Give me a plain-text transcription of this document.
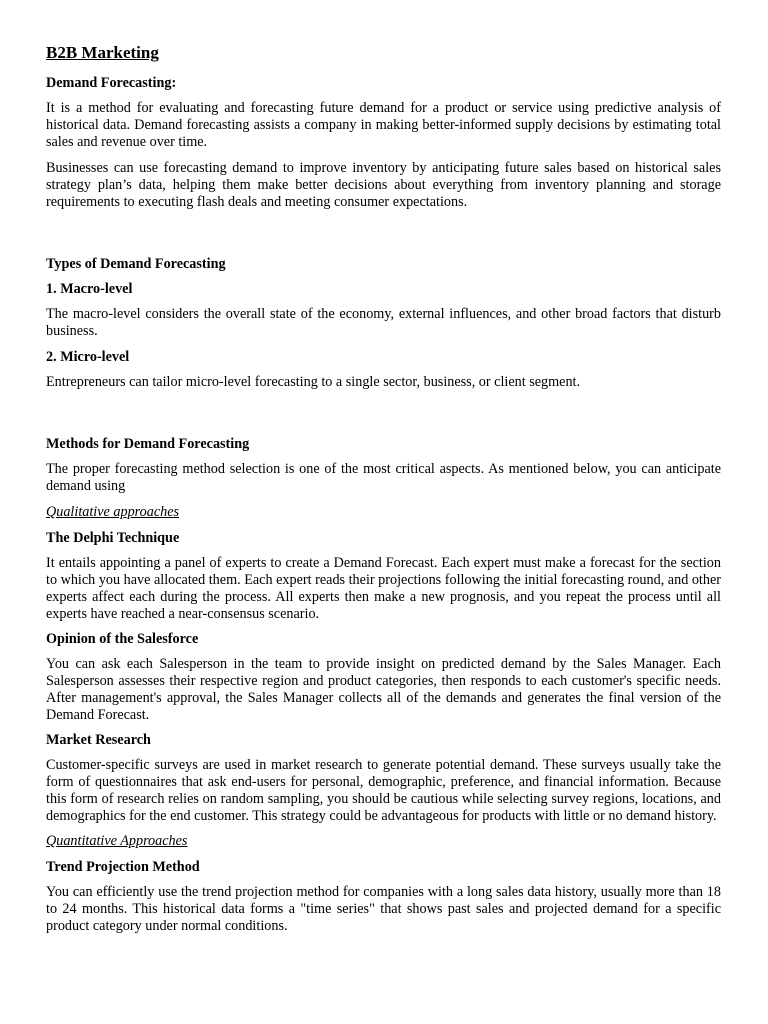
B2B Marketing
Demand Forecasting:
It is a method for evaluating and forecasting future demand for a product or service using predictive analysis of historical data. Demand forecasting assists a company in making better-informed supply decisions by estimating total sales and revenue over time.
Businesses can use forecasting demand to improve inventory by anticipating future sales based on historical sales strategy plan’s data, helping them make better decisions about everything from inventory planning and storage requirements to executing flash deals and meeting consumer expectations.
Types of Demand Forecasting
1. Macro-level
The macro-level considers the overall state of the economy, external influences, and other broad factors that disturb business.
2. Micro-level
Entrepreneurs can tailor micro-level forecasting to a single sector, business, or client segment.
Methods for Demand Forecasting
The proper forecasting method selection is one of the most critical aspects. As mentioned below, you can anticipate demand using
Qualitative approaches
The Delphi Technique
It entails appointing a panel of experts to create a Demand Forecast. Each expert must make a forecast for the section to which you have allocated them. Each expert reads their projections following the initial forecasting round, and other experts affect each during the process. All experts then make a new prognosis, and you repeat the process until all experts have reached a near-consensus scenario.
Opinion of the Salesforce
You can ask each Salesperson in the team to provide insight on predicted demand by the Sales Manager. Each Salesperson assesses their respective region and product categories, then responds to each customer's specific needs. After management's approval, the Sales Manager collects all of the demands and generates the final version of the Demand Forecast.
Market Research
Customer-specific surveys are used in market research to generate potential demand. These surveys usually take the form of questionnaires that ask end-users for personal, demographic, preference, and financial information. Because this form of research relies on random sampling, you should be cautious while selecting survey regions, locations, and demographics for the end customer. This strategy could be advantageous for products with little or no demand history.
Quantitative Approaches
Trend Projection Method
You can efficiently use the trend projection method for companies with a long sales data history, usually more than 18 to 24 months. This historical data forms a "time series" that shows past sales and projected demand for a specific product category under normal conditions.
